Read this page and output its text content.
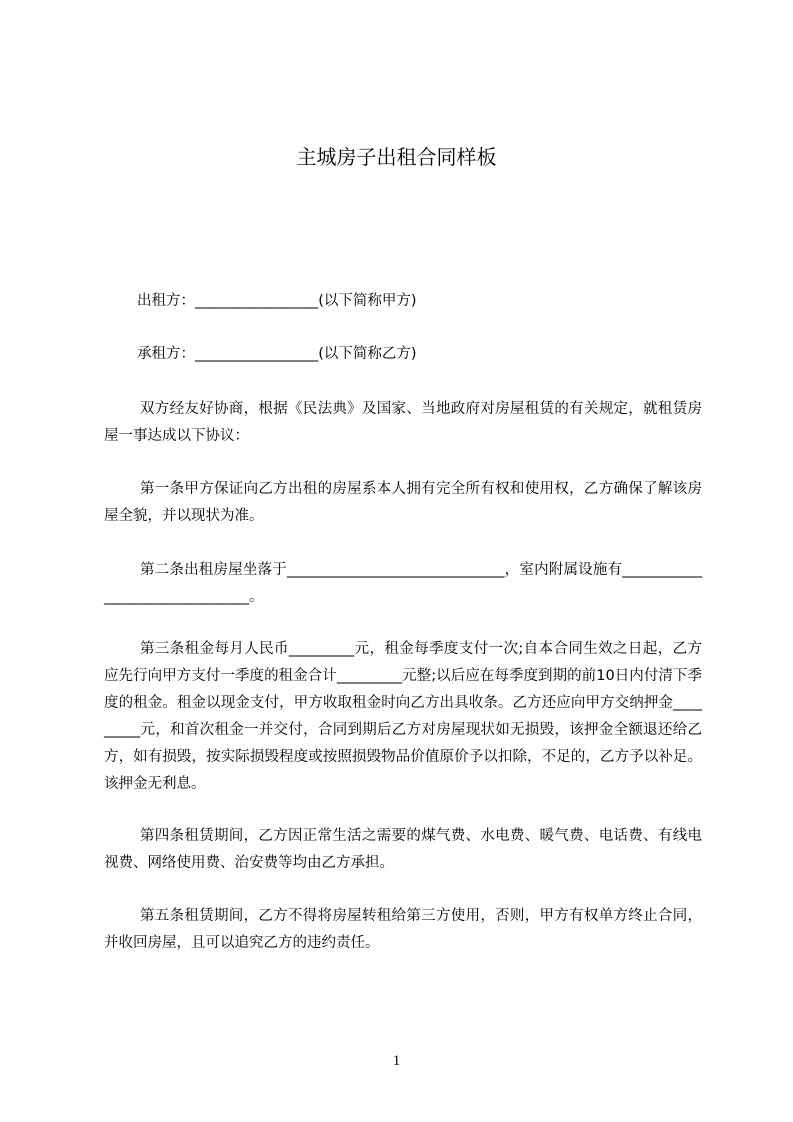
主城房子出租合同样板
出租方：_________________(以下简称甲方)
承租方：_________________(以下简称乙方)
双方经友好协商，根据《民法典》及国家、当地政府对房屋租赁的有关规定，就租赁房屋一事达成以下协议：
第一条甲方保证向乙方出租的房屋系本人拥有完全所有权和使用权，乙方确保了解该房屋全貌，并以现状为准。
第二条出租房屋坐落于______________________________，室内附属设施有_______________________________。
第三条租金每月人民币_________元，租金每季度支付一次;自本合同生效之日起，乙方应先行向甲方支付一季度的租金合计_________元整;以后应在每季度到期的前10日内付清下季度的租金。租金以现金支付，甲方收取租金时向乙方出具收条。乙方还应向甲方交纳押金_________元，和首次租金一并交付，合同到期后乙方对房屋现状如无损毁，该押金全额退还给乙方，如有损毁，按实际损毁程度或按照损毁物品价值原价予以扣除，不足的，乙方予以补足。该押金无利息。
第四条租赁期间，乙方因正常生活之需要的煤气费、水电费、暖气费、电话费、有线电视费、网络使用费、治安费等均由乙方承担。
第五条租赁期间，乙方不得将房屋转租给第三方使用，否则，甲方有权单方终止合同，并收回房屋，且可以追究乙方的违约责任。
1
